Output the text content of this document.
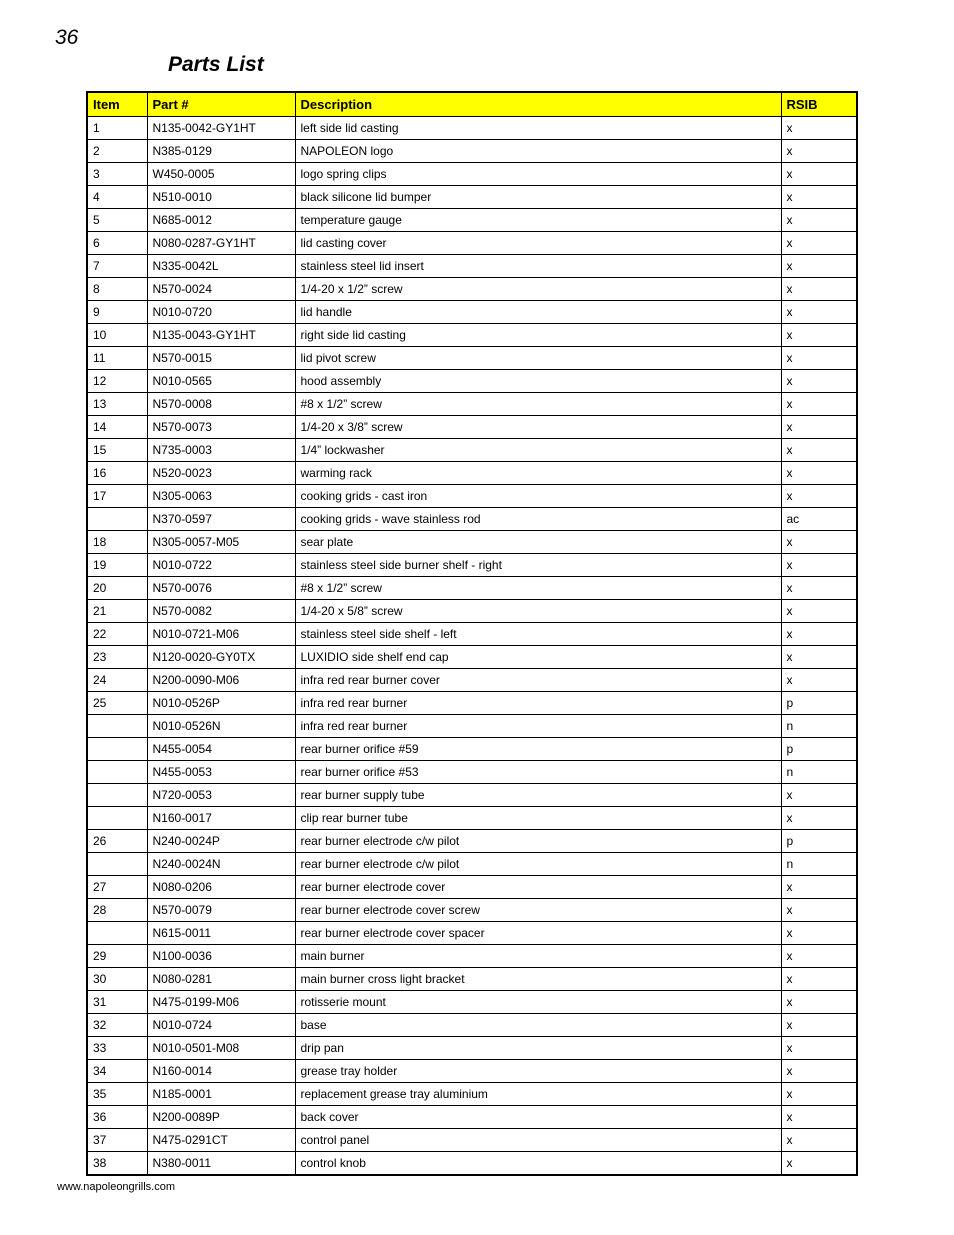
36
Parts List
Item	Part #	Description	RSIB
1	N135-0042-GY1HT	left side lid casting	x
2	N385-0129	NAPOLEON logo	x
3	W450-0005	logo spring clips	x
4	N510-0010	black silicone lid bumper	x
5	N685-0012	temperature gauge	x
6	N080-0287-GY1HT	lid casting cover	x
7	N335-0042L	stainless steel lid insert	x
8	N570-0024	1/4-20 x 1/2” screw	x
9	N010-0720	lid handle	x
10	N135-0043-GY1HT	right side lid casting	x
11	N570-0015	lid pivot screw	x
12	N010-0565	hood assembly	x
13	N570-0008	#8 x 1/2” screw	x
14	N570-0073	1/4-20 x 3/8” screw	x
15	N735-0003	1/4” lockwasher	x
16	N520-0023	warming rack	x
17	N305-0063	cooking grids - cast iron	x
	N370-0597	cooking grids - wave stainless rod	ac
18	N305-0057-M05	sear plate	x
19	N010-0722	stainless steel side burner shelf - right	x
20	N570-0076	#8 x 1/2” screw	x
21	N570-0082	1/4-20 x 5/8” screw	x
22	N010-0721-M06	stainless steel side shelf - left	x
23	N120-0020-GY0TX	LUXIDIO side shelf end cap	x
24	N200-0090-M06	infra red rear burner cover	x
25	N010-0526P	infra red rear burner	p
	N010-0526N	infra red rear burner	n
	N455-0054	rear burner orifice #59	p
	N455-0053	rear burner orifice #53	n
	N720-0053	rear burner supply tube	x
	N160-0017	clip rear burner tube	x
26	N240-0024P	rear burner electrode c/w pilot	p
	N240-0024N	rear burner electrode c/w pilot	n
27	N080-0206	rear burner electrode cover	x
28	N570-0079	rear burner electrode cover screw	x
	N615-0011	rear burner electrode cover spacer	x
29	N100-0036	main burner	x
30	N080-0281	main burner cross light bracket	x
31	N475-0199-M06	rotisserie mount	x
32	N010-0724	base	x
33	N010-0501-M08	drip pan	x
34	N160-0014	grease tray holder	x
35	N185-0001	replacement grease tray aluminium	x
36	N200-0089P	back cover	x
37	N475-0291CT	control panel	x
38	N380-0011	control knob	x
www.napoleongrills.com
